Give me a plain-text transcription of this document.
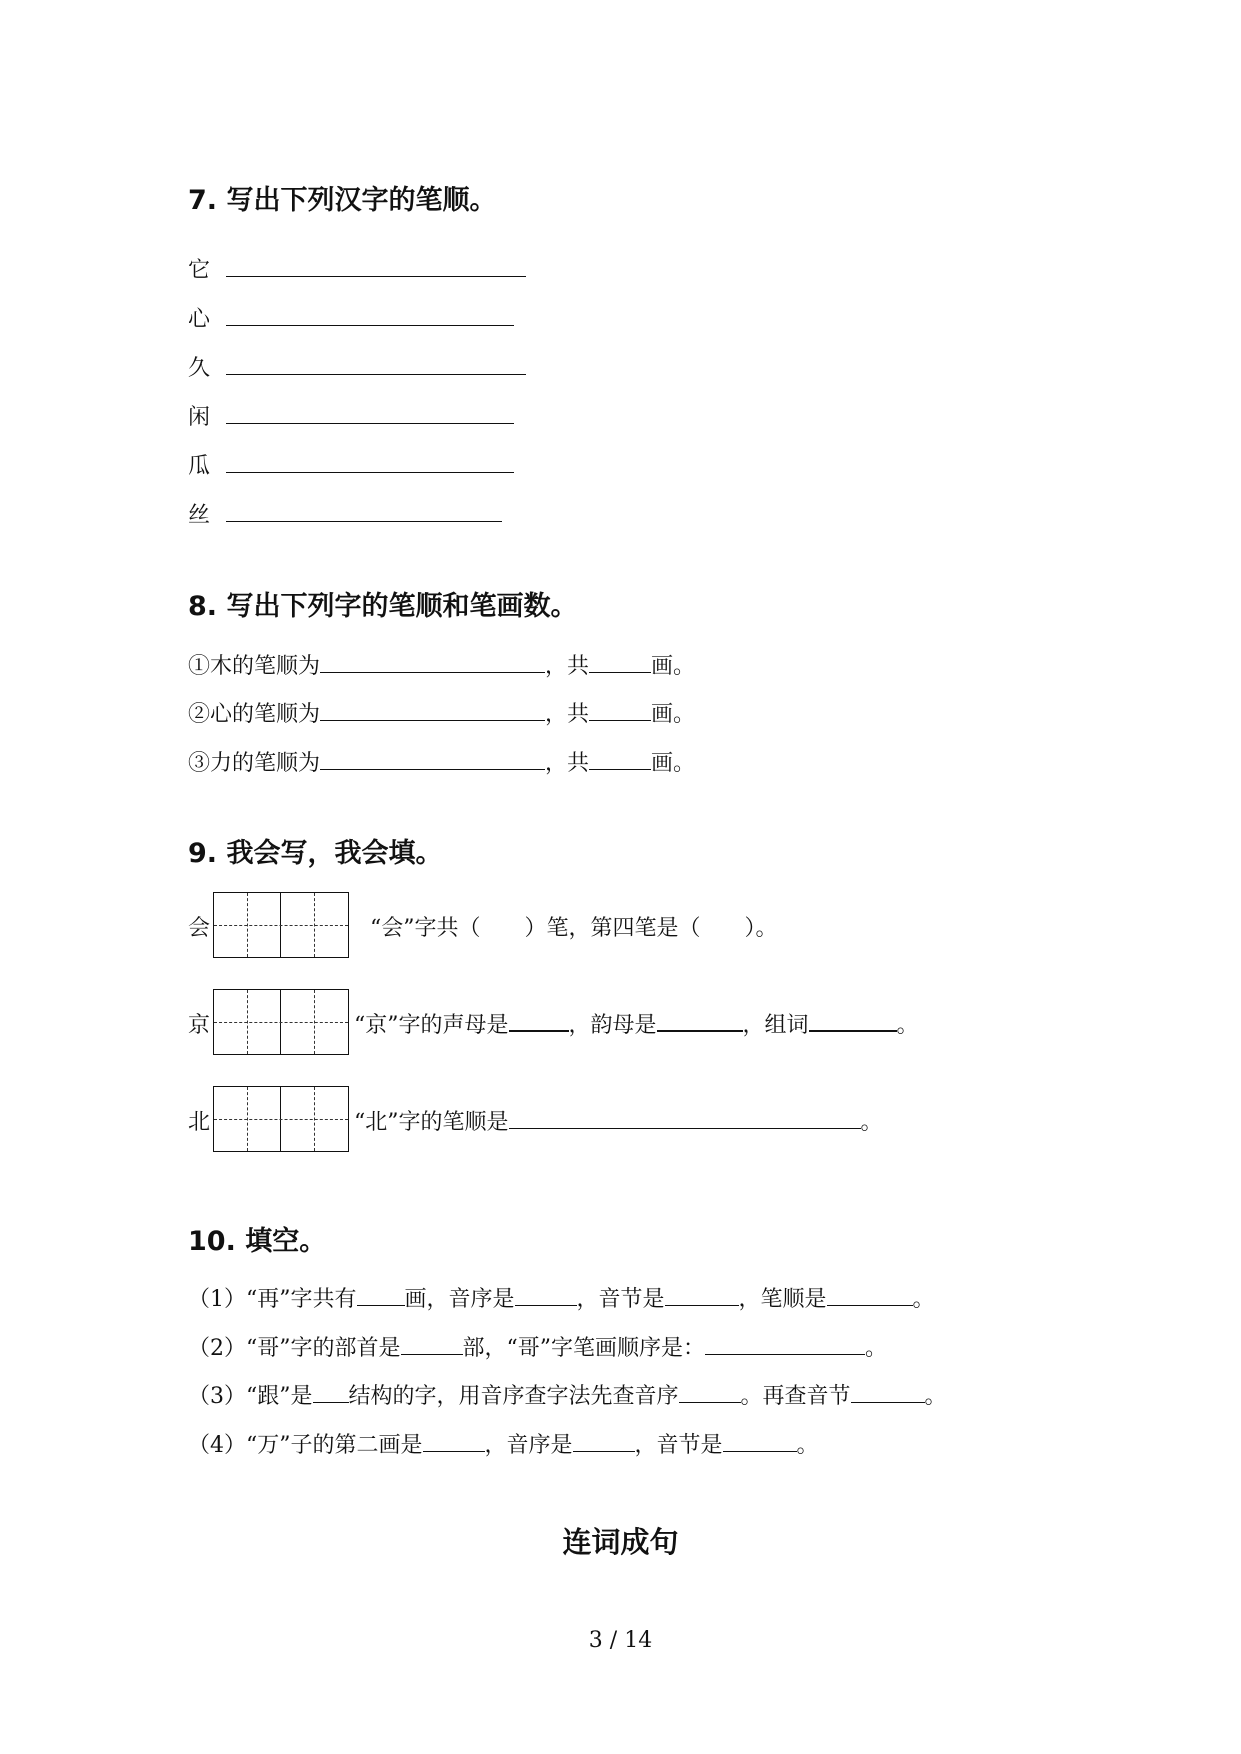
7. 写出下列汉字的笔顺。
它
心
久
闲
瓜
丝
8. 写出下列字的笔顺和笔画数。
①木的笔顺为	，共	画。
②心的笔顺为	，共	画。
③力的笔顺为	，共	画。
9. 我会写，我会填。
会	“会”字共（　　）笔，第四笔是（　　）。
京	“京”字的声母是	，韵母是	，组词	。
北	“北”字的笔顺是	。
10. 填空。
（1）“再”字共有 画，音序是	，音节是	，笔顺是	。
（2）“哥”字的部首是	部，“哥”字笔画顺序是：	。
（3）“跟”是 结构的字，用音序查字法先查音序	。再查音节	。
（4）“万”子的第二画是	，音序是	，音节是	。
连词成句
3 / 14
